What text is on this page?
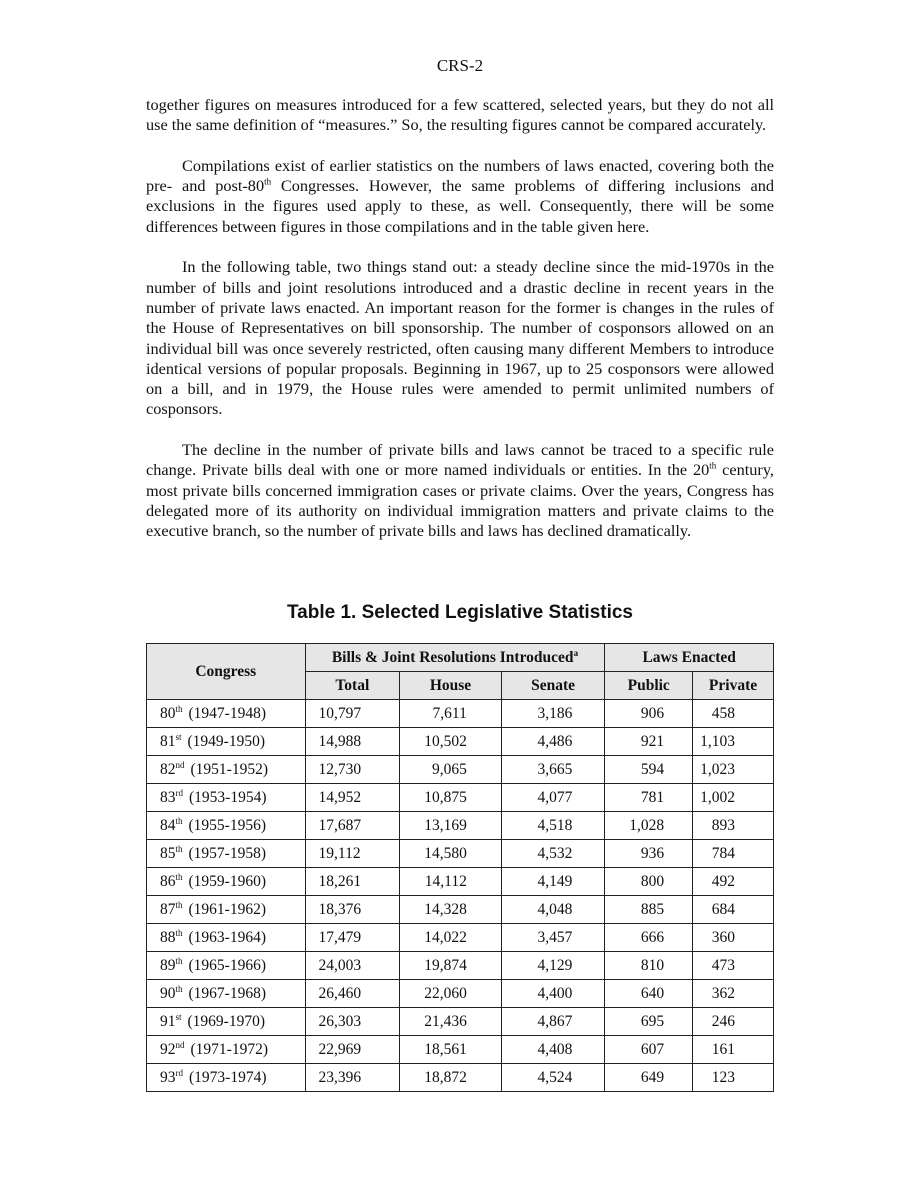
CRS-2

together figures on measures introduced for a few scattered, selected years, but they do not all use the same definition of “measures.” So, the resulting figures cannot be compared accurately.

Compilations exist of earlier statistics on the numbers of laws enacted, covering both the pre- and post-80th Congresses. However, the same problems of differing inclusions and exclusions in the figures used apply to these, as well. Consequently, there will be some differences between figures in those compilations and in the table given here.

In the following table, two things stand out: a steady decline since the mid-1970s in the number of bills and joint resolutions introduced and a drastic decline in recent years in the number of private laws enacted. An important reason for the former is changes in the rules of the House of Representatives on bill sponsorship. The number of cosponsors allowed on an individual bill was once severely restricted, often causing many different Members to introduce identical versions of popular proposals. Beginning in 1967, up to 25 cosponsors were allowed on a bill, and in 1979, the House rules were amended to permit unlimited numbers of cosponsors.

The decline in the number of private bills and laws cannot be traced to a specific rule change. Private bills deal with one or more named individuals or entities. In the 20th century, most private bills concerned immigration cases or private claims. Over the years, Congress has delegated more of its authority on individual immigration matters and private claims to the executive branch, so the number of private bills and laws has declined dramatically.

Table 1. Selected Legislative Statistics
Congress	Bills & Joint Resolutions Introduced$^a$			Laws Enacted	
	Total	House	Senate	Public	Private
80th (1947-1948)	10,797	7,611	3,186	906	458
81st (1949-1950)	14,988	10,502	4,486	921	1,103
82nd (1951-1952)	12,730	9,065	3,665	594	1,023
83rd (1953-1954)	14,952	10,875	4,077	781	1,002
84th (1955-1956)	17,687	13,169	4,518	1,028	893
85th (1957-1958)	19,112	14,580	4,532	936	784
86th (1959-1960)	18,261	14,112	4,149	800	492
87th (1961-1962)	18,376	14,328	4,048	885	684
88th (1963-1964)	17,479	14,022	3,457	666	360
89th (1965-1966)	24,003	19,874	4,129	810	473
90th (1967-1968)	26,460	22,060	4,400	640	362
91st (1969-1970)	26,303	21,436	4,867	695	246
92nd (1971-1972)	22,969	18,561	4,408	607	161
93rd (1973-1974)	23,396	18,872	4,524	649	123
